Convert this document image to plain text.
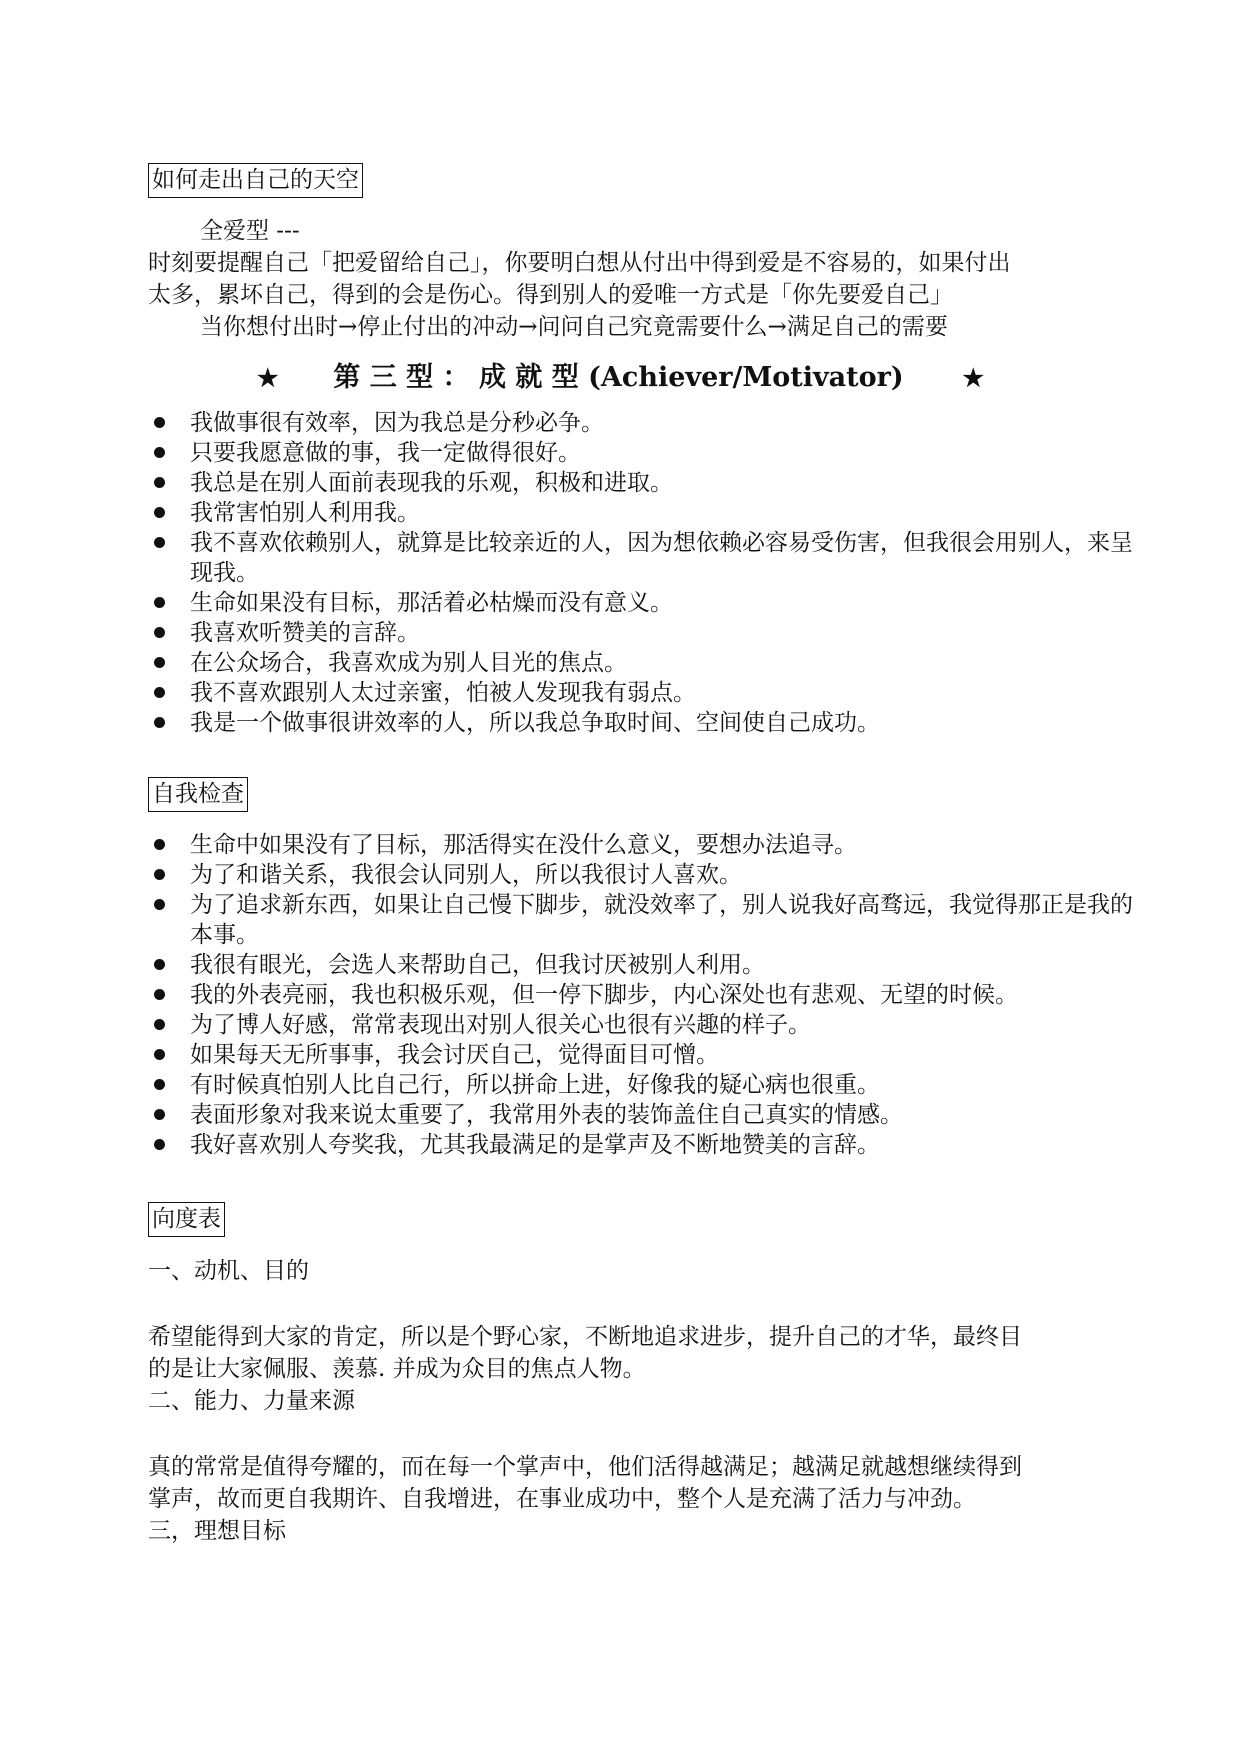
如何走出自己的天空
全爱型 ---
时刻要提醒自己「把爱留给自己」，你要明白想从付出中得到爱是不容易的，如果付出
太多，累坏自己，得到的会是伤心。得到别人的爱唯一方式是「你先要爱自己」
当你想付出时→停止付出的冲动→问问自己究竟需要什么→满足自己的需要
★ 第 三 型 ： 成 就 型 (Achiever/Motivator) ★
我做事很有效率，因为我总是分秒必争。
只要我愿意做的事，我一定做得很好。
我总是在别人面前表现我的乐观，积极和进取。
我常害怕别人利用我。
我不喜欢依赖别人，就算是比较亲近的人，因为想依赖必容易受伤害，但我很会用别人，来呈现我。
生命如果没有目标，那活着必枯燥而没有意义。
我喜欢听赞美的言辞。
在公众场合，我喜欢成为别人目光的焦点。
我不喜欢跟别人太过亲蜜，怕被人发现我有弱点。
我是一个做事很讲效率的人，所以我总争取时间、空间使自己成功。
自我检查
生命中如果没有了目标，那活得实在没什么意义，要想办法追寻。
为了和谐关系，我很会认同别人，所以我很讨人喜欢。
为了追求新东西，如果让自己慢下脚步，就没效率了，别人说我好高骛远，我觉得那正是我的本事。
我很有眼光，会选人来帮助自己，但我讨厌被别人利用。
我的外表亮丽，我也积极乐观，但一停下脚步，内心深处也有悲观、无望的时候。
为了博人好感，常常表现出对别人很关心也很有兴趣的样子。
如果每天无所事事，我会讨厌自己，觉得面目可憎。
有时候真怕别人比自己行，所以拼命上进，好像我的疑心病也很重。
表面形象对我来说太重要了，我常用外表的装饰盖住自己真实的情感。
我好喜欢别人夸奖我，尤其我最满足的是掌声及不断地赞美的言辞。
向度表
一、动机、目的
希望能得到大家的肯定，所以是个野心家，不断地追求进步，提升自己的才华，最终目
的是让大家佩服、羡慕. 并成为众目的焦点人物。
二、能力、力量来源
真的常常是值得夸耀的，而在每一个掌声中，他们活得越满足；越满足就越想继续得到
掌声，故而更自我期许、自我增进，在事业成功中，整个人是充满了活力与冲劲。
三，理想目标
